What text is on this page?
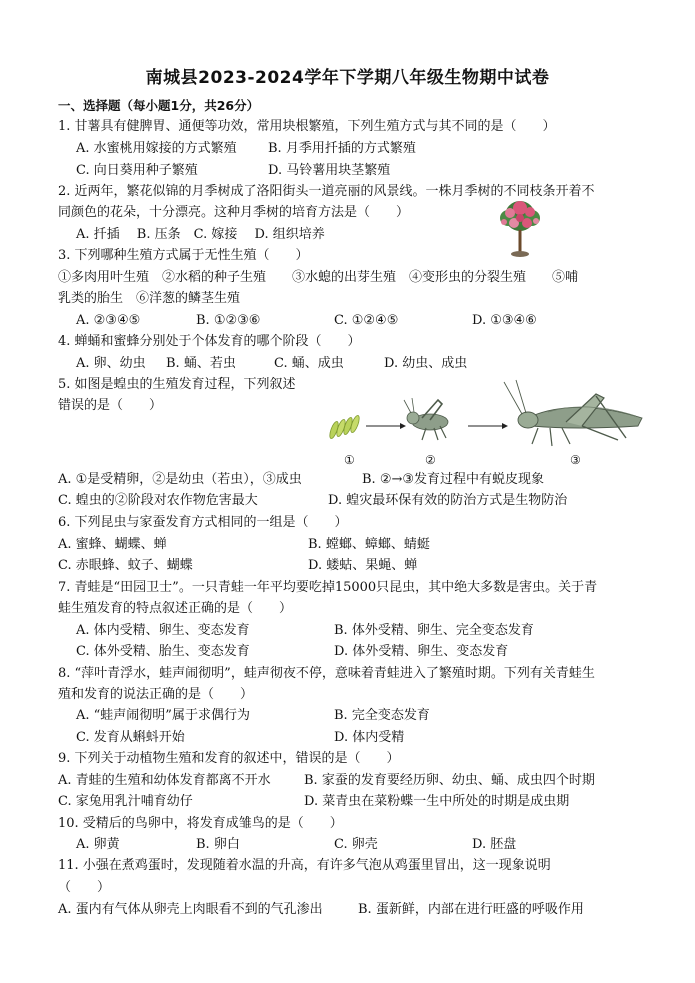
南城县2023-2024学年下学期八年级生物期中试卷
一、选择题（每小题1分，共26分）
1. 甘薯具有健脾胃、通便等功效，常用块根繁殖，下列生殖方式与其不同的是（　　）
A. 水蜜桃用嫁接的方式繁殖 B. 月季用扦插的方式繁殖
C. 向日葵用种子繁殖	D. 马铃薯用块茎繁殖
2. 近两年，繁花似锦的月季树成了洛阳街头一道亮丽的风景线。一株月季树的不同枝条开着不
同颜色的花朵，十分漂亮。这种月季树的培育方法是（　　）
A. 扦插　 B. 压条　C. 嫁接　 D. 组织培养
3. 下列哪种生殖方式属于无性生殖（　　）
①多肉用叶生殖　②水稻的种子生殖　　③水螅的出芽生殖　④变形虫的分裂生殖　　⑤哺
乳类的胎生　⑥洋葱的鳞茎生殖
A. ②③④⑤	B. ①②③⑥	C. ①②④⑤	D. ①③④⑥
4. 蝉蛹和蜜蜂分别处于个体发育的哪个阶段（　　）
A. 卵、幼虫 B. 蛹、若虫	C. 蛹、成虫	D. 幼虫、成虫
5. 如图是蝗虫的生殖发育过程，下列叙述
错误的是（　　）
①	②	③
A. ①是受精卵，②是幼虫（若虫），③成虫	B. ②→③发育过程中有蜕皮现象
C. 蝗虫的②阶段对农作物危害最大	D. 蝗灾最环保有效的防治方式是生物防治
6. 下列昆虫与家蚕发育方式相同的一组是（　　）
A. 蜜蜂、蝴蝶、蝉	B. 螳螂、蟑螂、蜻蜓
C. 赤眼蜂、蚊子、蝴蝶	D. 蝼蛄、果蝇、蝉
7. 青蛙是“田园卫士”。一只青蛙一年平均要吃掉15000只昆虫，其中绝大多数是害虫。关于青
蛙生殖发育的特点叙述正确的是（　　）
A. 体内受精、卵生、变态发育	B. 体外受精、卵生、完全变态发育
C. 体外受精、胎生、变态发育	D. 体外受精、卵生、变态发育
8. “萍叶青浮水，蛙声闹彻明”，蛙声彻夜不停，意味着青蛙进入了繁殖时期。下列有关青蛙生
殖和发育的说法正确的是（　　）
A. “蛙声闹彻明”属于求偶行为	B. 完全变态发育
C. 发育从蝌蚪开始	D. 体内受精
9. 下列关于动植物生殖和发育的叙述中，错误的是（　　）
A. 青蛙的生殖和幼体发育都离不开水	B. 家蚕的发育要经历卵、幼虫、蛹、成虫四个时期
C. 家兔用乳汁哺育幼仔	D. 菜青虫在菜粉蝶一生中所处的时期是成虫期
10. 受精后的鸟卵中，将发育成雏鸟的是（　　）
A. 卵黄	B. 卵白	C. 卵壳	D. 胚盘
11. 小强在煮鸡蛋时，发现随着水温的升高，有许多气泡从鸡蛋里冒出，这一现象说明
（　　）
A. 蛋内有气体从卵壳上肉眼看不到的气孔渗出	B. 蛋新鲜，内部在进行旺盛的呼吸作用
